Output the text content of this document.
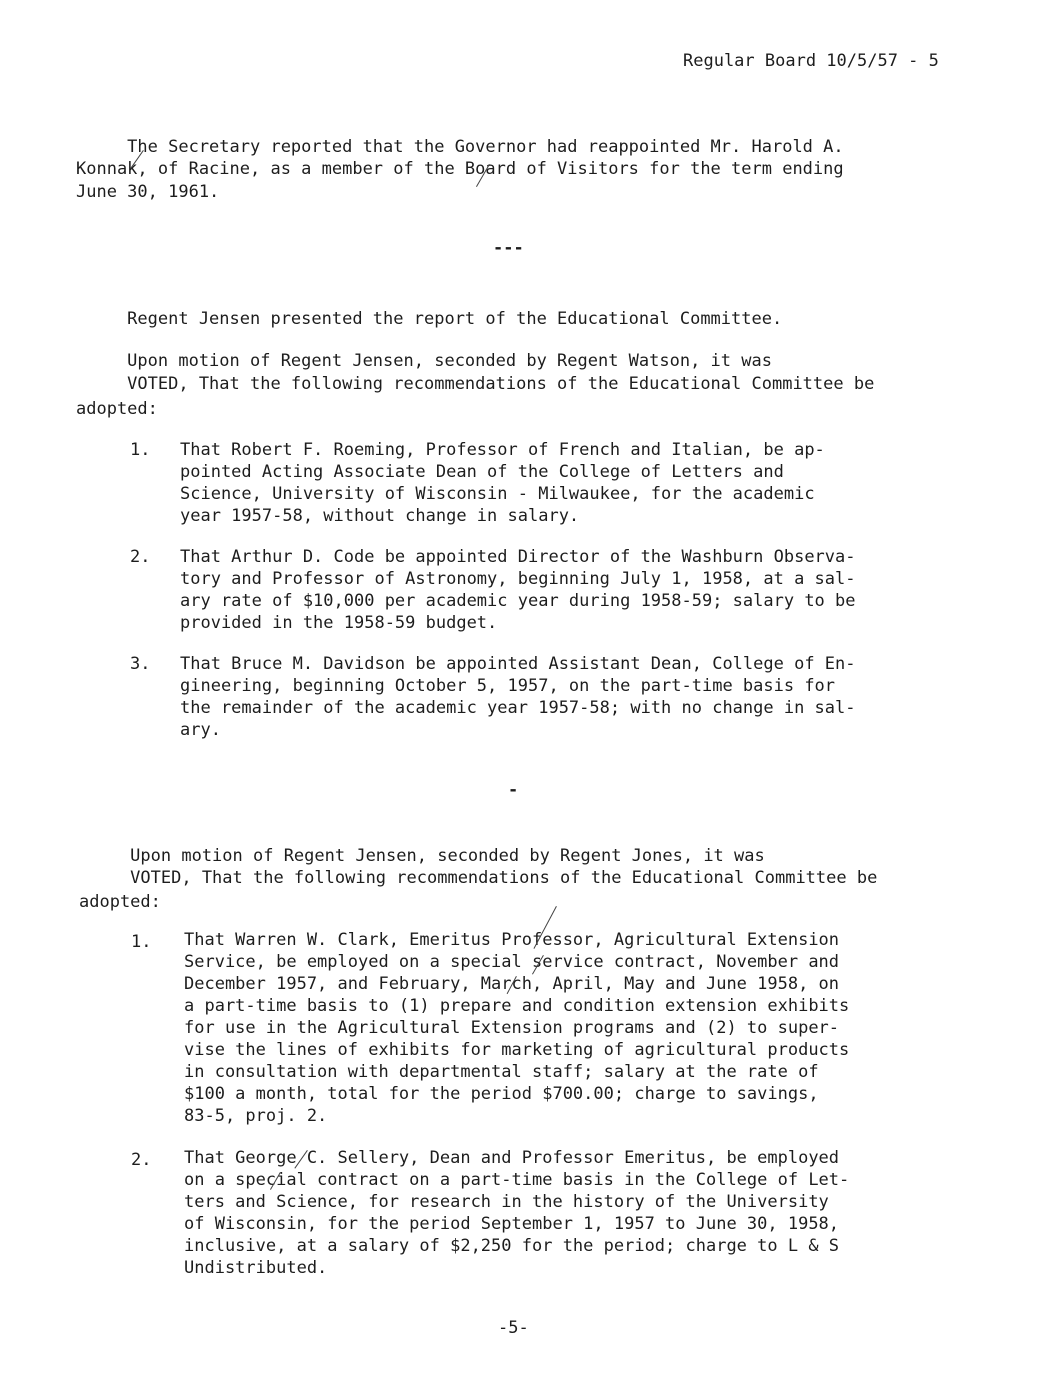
Regular Board 10/5/57 - 5
The Secretary reported that the Governor had reappointed Mr. Harold A.
Konnak, of Racine, as a member of the Board of Visitors for the term ending
June 30, 1961.
---
Regent Jensen presented the report of the Educational Committee.
Upon motion of Regent Jensen, seconded by Regent Watson, it was
VOTED, That the following recommendations of the Educational Committee be
adopted:
1. That Robert F. Roeming, Professor of French and Italian, be ap-
pointed Acting Associate Dean of the College of Letters and
Science, University of Wisconsin - Milwaukee, for the academic
year 1957-58, without change in salary.
2. That Arthur D. Code be appointed Director of the Washburn Observa-
tory and Professor of Astronomy, beginning July 1, 1958, at a sal-
ary rate of $10,000 per academic year during 1958-59; salary to be
provided in the 1958-59 budget.
3. That Bruce M. Davidson be appointed Assistant Dean, College of En-
gineering, beginning October 5, 1957, on the part-time basis for
the remainder of the academic year 1957-58; with no change in sal-
ary.
-
Upon motion of Regent Jensen, seconded by Regent Jones, it was
VOTED, That the following recommendations of the Educational Committee be
adopted:
1. That Warren W. Clark, Emeritus Professor, Agricultural Extension
Service, be employed on a special service contract, November and
December 1957, and February, March, April, May and June 1958, on
a part-time basis to (1) prepare and condition extension exhibits
for use in the Agricultural Extension programs and (2) to super-
vise the lines of exhibits for marketing of agricultural products
in consultation with departmental staff; salary at the rate of
$100 a month, total for the period $700.00; charge to savings,
83-5, proj. 2.
2. That George C. Sellery, Dean and Professor Emeritus, be employed
on a special contract on a part-time basis in the College of Let-
ters and Science, for research in the history of the University
of Wisconsin, for the period September 1, 1957 to June 30, 1958,
inclusive, at a salary of $2,250 for the period; charge to L & S
Undistributed.
-5-
